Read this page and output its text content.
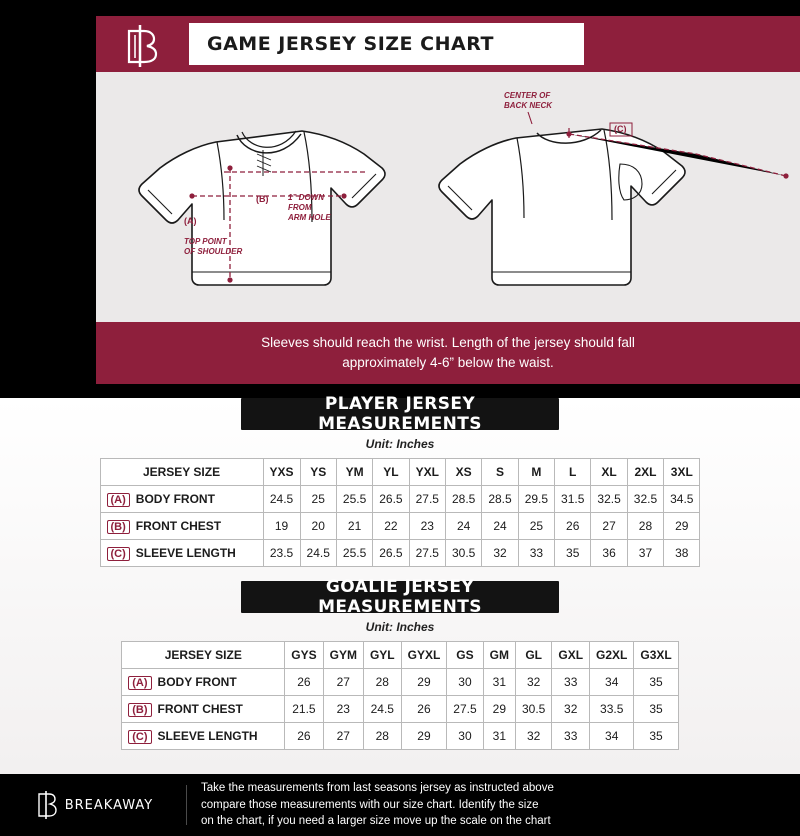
GAME JERSEY SIZE CHART
(A)
(B)
TOP POINT
OF SHOULDER
1” DOWN
FROM
ARM HOLE
CENTER OF
BACK NECK
(C)
Sleeves should reach the wrist. Length of the jersey should fall
approximately 4-6” below the waist.
PLAYER JERSEY MEASUREMENTS
Unit: Inches
JERSEY SIZE	YXS	YS	YM	YL	YXL	XS	S	M	L	XL	2XL	3XL
(A) BODY FRONT	24.5	25	25.5	26.5	27.5	28.5	28.5	29.5	31.5	32.5	32.5	34.5
(B) FRONT CHEST	19	20	21	22	23	24	24	25	26	27	28	29
(C) SLEEVE LENGTH	23.5	24.5	25.5	26.5	27.5	30.5	32	33	35	36	37	38
GOALIE JERSEY MEASUREMENTS
Unit: Inches
JERSEY SIZE	GYS	GYM	GYL	GYXL	GS	GM	GL	GXL	G2XL	G3XL
(A) BODY FRONT	26	27	28	29	30	31	32	33	34	35
(B) FRONT CHEST	21.5	23	24.5	26	27.5	29	30.5	32	33.5	35
(C) SLEEVE LENGTH	26	27	28	29	30	31	32	33	34	35
BREAKAWAY
Take the measurements from last seasons jersey as instructed above
compare those measurements with our size chart. Identify the size
on the chart, if you need a larger size move up the scale on the chart
